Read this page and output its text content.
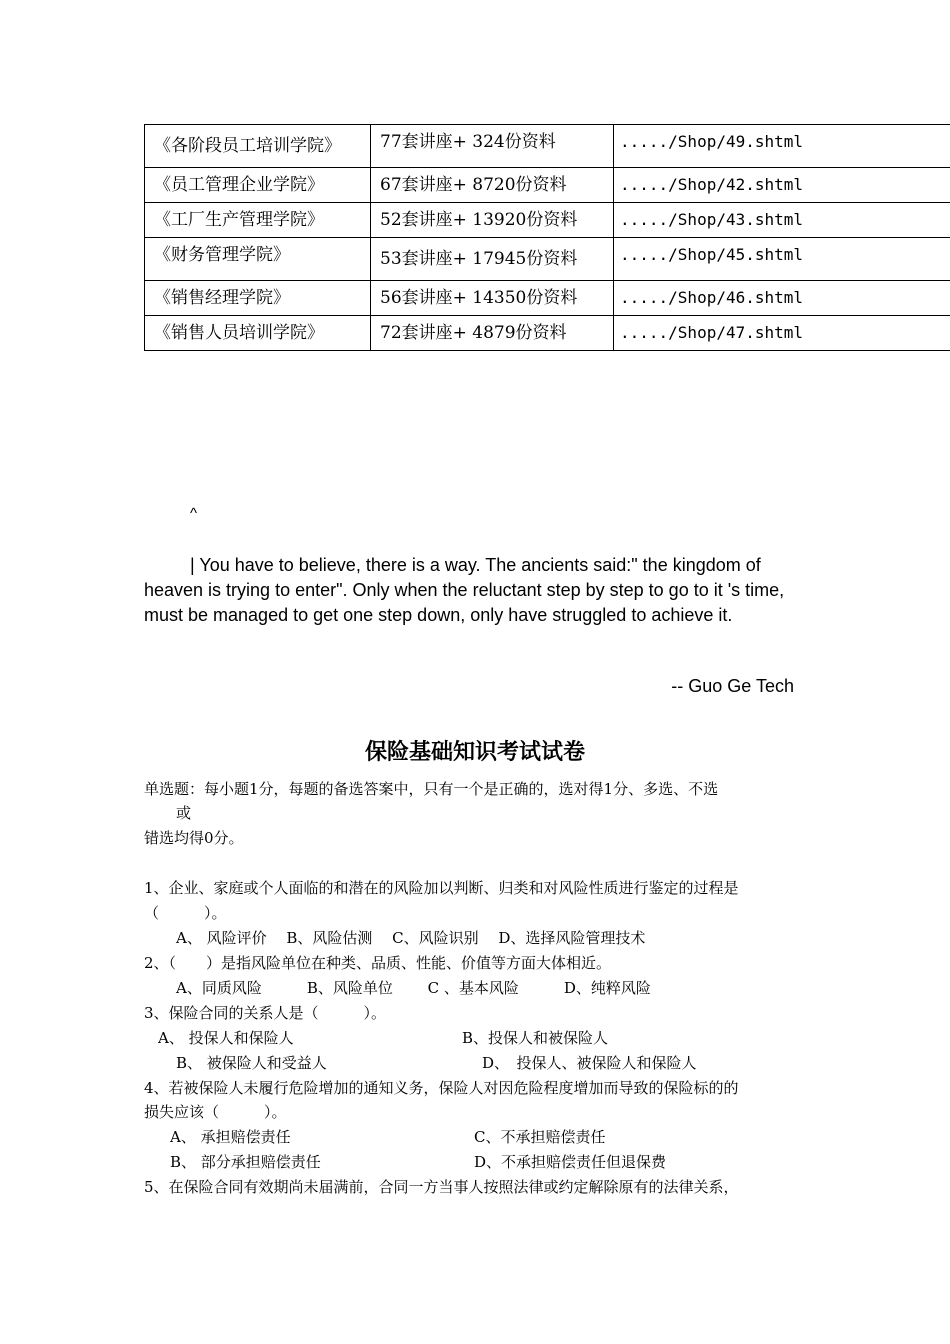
《各阶段员工培训学院》	77套讲座+ 324份资料	...../Shop/49.shtml
《员工管理企业学院》	67套讲座+ 8720份资料	...../Shop/42.shtml
《工厂生产管理学院》	52套讲座+ 13920份资料	...../Shop/43.shtml
《财务管理学院》	53套讲座+ 17945份资料	...../Shop/45.shtml
《销售经理学院》	56套讲座+ 14350份资料	...../Shop/46.shtml
《销售人员培训学院》	72套讲座+ 4879份资料	...../Shop/47.shtml
^

| You have to believe, there is a way. The ancients said:" the kingdom of heaven is trying to enter". Only when the reluctant step by step to go to it 's time, must be managed to get one step down, only have struggled to achieve it.

-- Guo Ge Tech
保险基础知识考试试卷
单选题：每小题1分，每题的备选答案中，只有一个是正确的，选对得1分、多选、不选
或
错选均得0分。
1、企业、家庭或个人面临的和潜在的风险加以判断、归类和对风险性质进行鉴定的过程是
（　　　）。
A、 风险评价　 B、风险估测　 C、风险识别　 D、选择风险管理技术
2、（　　）是指风险单位在种类、品质、性能、价值等方面大体相近。
A、同质风险　　　B、风险单位　　 C 、基本风险　　　D、纯粹风险
3、保险合同的关系人是（　　　）。
A、 投保人和保险人	B、投保人和被保险人
B、 被保险人和受益人	D、　投保人、被保险人和保险人
4、若被保险人未履行危险增加的通知义务，保险人对因危险程度增加而导致的保险标的的
损失应该（　　　）。
A、 承担赔偿责任	C、不承担赔偿责任
B、 部分承担赔偿责任	D、不承担赔偿责任但退保费
5、在保险合同有效期尚未届满前，合同一方当事人按照法律或约定解除原有的法律关系，
